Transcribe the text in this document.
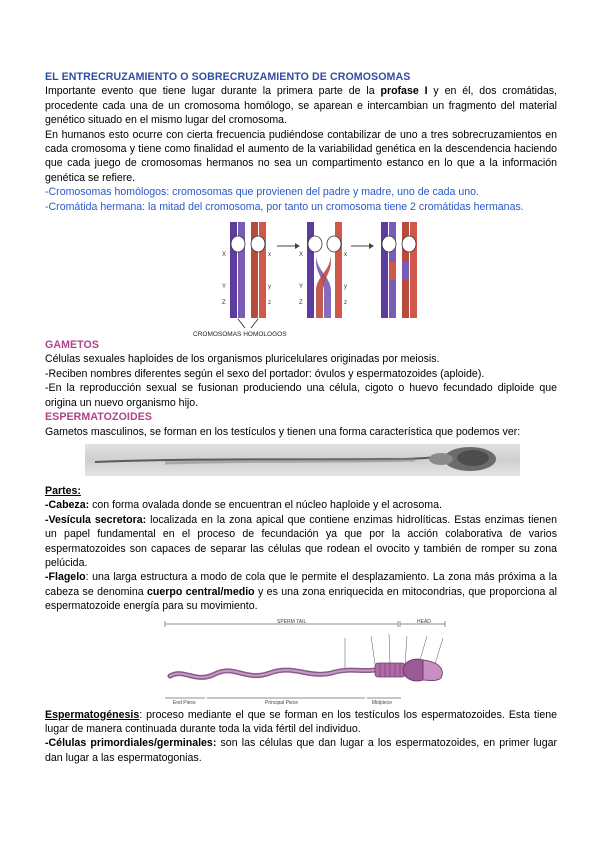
EL ENTRECRUZAMIENTO O SOBRECRUZAMIENTO DE CROMOSOMAS

Importante evento que tiene lugar durante la primera parte de la profase I y en él, dos cromátidas, procedente cada una de un cromosoma homólogo, se aparean e intercambian un fragmento del material genético situado en el mismo lugar del cromosoma.

En humanos esto ocurre con cierta frecuencia pudiéndose contabilizar de uno a tres sobrecruzamientos en cada cromosoma y tiene como finalidad el aumento de la variabilidad genética en la descendencia haciendo que cada juego de cromosomas hermanos no sea un compartimento estanco en lo que a la información genética se refiere.

-Cromosomas homólogos: cromosomas que provienen del padre y madre, uno de cada uno.

-Cromátida hermana: la mitad del cromosoma, por tanto un cromosoma tiene 2 cromátidas hermanas.

X	x
Y	y
Z	z
X	x
Y	y
Z	z
CROMOSOMAS HOMOLOGOS
GAMETOS

Células sexuales haploides de los organismos pluricelulares originadas por meiosis.

-Reciben nombres diferentes según el sexo del portador: óvulos y espermatozoides (aploide).

-En la reproducción sexual se fusionan produciendo una célula, cigoto o huevo fecundado diploide que origina un nuevo organismo hijo.

ESPERMATOZOIDES

Gametos masculinos, se forman en los testículos y tienen una forma característica que podemos ver:

Partes:

-Cabeza: con forma ovalada donde se encuentran el núcleo haploide y el acrosoma.

-Vesícula secretora: localizada en la zona apical que contiene enzimas hidrolíticas. Estas enzimas tienen un papel fundamental en el proceso de fecundación ya que por la acción colaborativa de varios espermatozoides son capaces de separar las células que rodean el ovocito y también de romper su zona pelúcida.

-Flagelo: una larga estructura a modo de cola que le permite el desplazamiento. La zona más próxima a la cabeza se denomina cuerpo central/medio y es una zona enriquecida en mitocondrias, que proporciona al espermatozoide energía para su movimiento.

SPERM TAIL	HEAD
End Piece	Principal Piece	Midpiece

Espermatogénesis: proceso mediante el que se forman en los testículos los espermatozoides. Esta tiene lugar de manera continuada durante toda la vida fértil del individuo.

-Células primordiales/germinales: son las células que dan lugar a los espermatozoides, en primer lugar dan lugar a las espermatogonias.
